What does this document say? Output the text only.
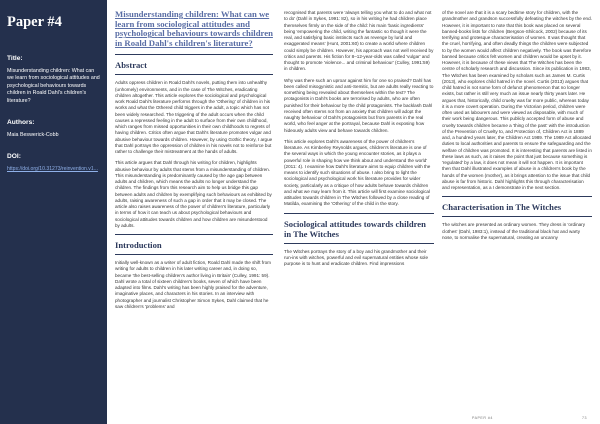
Paper #4
Title:
Misunderstanding children: What can we learn from sociological attitudes and psychological behaviours towards children in Roald Dahl's children's literature?
Authors:
Maia Beswerick-Cobb
DOI:
https://doi.org/10.31273/reinvention.v1...
Misunderstanding children: What can we learn from sociological attitudes and psychological behaviours towards children in Roald Dahl's children's literature?
Abstract

Adults oppress children in Roald Dahl's novels, putting them into unhealthy (unhomely) environments, and in the case of The Witches, eradicating children altogether. This article explores the sociological and psychological work Roald Dahl's literature performs through the 'Othering' of children in his works and what the Othered child triggers in the adult, a topic which has not been widely researched. The triggering of the adult occurs when the child causes a repressed feeling in the adult to surface from their own childhood, which ranges from missed opportunities in their own childhoods to regrets of having children. Critics often argue that Dahl's literature promotes vulgar and abusive behaviour towards children. However, by using Gothic theory, I argue that Dahl portrays the oppression of children in his novels not to reinforce but rather to challenge their mistreatment at the hands of adults.

This article argues that Dahl through his writing for children, highlights abusive behaviour by adults that stems from a misunderstanding of children. This misunderstanding is predominantly caused by the age gap between adults and children, which means the adults no longer understand the children. The findings from this research aim to help us bridge this gap between adults and children by exemplifying such behaviours as exhibited by adults, raising awareness of such a gap in order that it may be closed. The article also raises awareness of the power of children's literature, particularly in terms of how it can teach us about psychological behaviours and sociological attitudes towards children and how children are misunderstood by adults.

Introduction

Initially well-known as a writer of adult fiction, Roald Dahl made the shift from writing for adults to children in his later writing career and, in doing so, became 'the best-selling children's author living in Britain' (Culley, 1991: 59). Dahl wrote a total of sixteen children's books, seven of which have been adapted into films. Dahl's writing has been highly praised for the adventure, imaginative places, and characters in his stories. In an interview with photographer and journalist Christopher Simon Sykes, Dahl claimed that he saw children's 'problems' and

recognised that parents were 'always telling you what to do and what not to do' (Dahl in Sykes, 1991: 82), so in his writing he had children place themselves firmly on the side of the child: his main 'basic ingredients' being 'empowering the child, writing the fantastic so though it were the real, and satisfying basic instincts such as revenge by lurid and exaggerated means' (Hunt, 2001:60) to create a world where children could simply be children. However, his approach was not well received by critics and parents. His fiction for 8–12-year-olds was called 'vulgar' and thought to promote 'violence... and criminal behaviour' (Culley, 1991:59) in children.

Why was there such an uproar against him for one so praised? Dahl has been called misogynistic and anti-Semitic, but are adults really reacting to something being revealed about themselves within the text? The protagonists in Dahl's books are terrorised by adults, who are often punished for their behaviour by the child protagonists. The backlash Dahl received often stems not from an anxiety that children will adopt the naughty behaviour of Dahl's protagonists but from parents in the real world, who feel anger at the portrayal, because Dahl is exposing how hideously adults view and behave towards children.

This article explores Dahl's awareness of the power of children's literature. As Kimberley Reynolds argues, children's literature is one of the several ways in which the young encounter stories, as it plays a powerful role in shaping how we think about and understand the world' (2011: 4). I examine how Dahl's literature aims to equip children with the means to identify such situations of abuse. I also bring to light the sociological and psychological work his literature provides for wider society, particularly as a critique of how adults behave towards children and what we may learn from it. This article will first examine sociological attitudes towards children in The Witches followed by a close reading of Matilda, examining the 'Othering' of the child in the story.

Sociological attitudes towards children in The Witches

The Witches portrays the story of a boy and his grandmother and their run-ins with witches, powerful and evil supernatural entities whose sole purpose is to hunt and eradicate children. Find impressions

of the novel are that it is a scary bedtime story for children, with the grandmother and grandson successfully defeating the witches by the end. However, it is important to note that this book was placed on several banned-books lists for children (Bergson-Shilcock, 2002) because of its terrifying and grotesque characterisation of women. It was thought that the cruel, horrifying, and often deadly things the children were subjected to by the women would affect children negatively. The book was therefore banned because critics felt women and children would be upset by it. However, it is because of these views that The Witches has been the centre of scholarly research and discussion. Since its publication in 1983, The Witches has been examined by scholars such as James M. Curtis (2013), who explores child hatred in the novel. Curtis (2013) argues that child hatred is not some form of defunct phenomenon that no longer exists, but rather is still very much an issue nearly thirty years later. He argues that, historically, child cruelty was far more public, whereas today it is a more covert operation. During the Victorian period, children were often used as labourers and were viewed as disposable, with much of their work being dangerous. This publicly accepted form of abuse and cruelty towards children became a 'thing of the past' with the introduction of the Prevention of Cruelty to, and Protection of, Children Act in 1889 and, a hundred years later, the Children Act 1989. The 1989 Act allocated duties to local authorities and parents to ensure the safeguarding and the welfare of children was promoted. It is interesting that parents are listed in these laws as such, as it raises the point that just because something is 'regulated' by a law, it does not mean it will not happen. It is important then that Dahl illustrated examples of abuse in a children's book by the hands of the women (mother), as it brings attention to the issue that child abuse is far from historic. Dahl highlights this through characterisation and representation, as a I demonstrate in the next section.

Characterisation in The Witches

The witches are presented as ordinary women. They dress in 'ordinary clothes' (Dahl, 1983:1), instead of the traditional black hat and warty nose, to normalise the supernatural, creating an uncanny

PAPER #4	73
